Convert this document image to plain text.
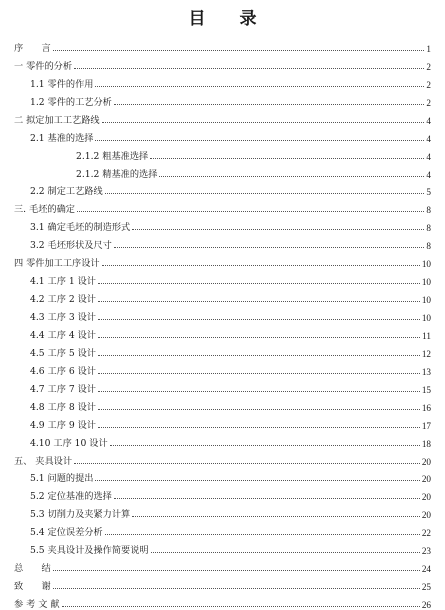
目 录
序　　言	1
一 零件的分析	2
1.1 零件的作用	2
1.2 零件的工艺分析	2
二 拟定加工工艺路线	4
2.1 基准的选择	4
2.1.2 粗基准选择	4
2.1.2 精基准的选择	4
2.2 制定工艺路线	5
三. 毛坯的确定	8
3.1 确定毛坯的制造形式	8
3.2 毛坯形状及尺寸	8
四 零件加工工序设计	10
4.1 工序 1 设计	10
4.2 工序 2 设计	10
4.3 工序 3 设计	10
4.4 工序 4 设计	11
4.5 工序 5 设计	12
4.6 工序 6 设计	13
4.7 工序 7 设计	15
4.8 工序 8 设计	16
4.9 工序 9 设计	17
4.10 工序 10 设计	18
五、 夹具设计	20
5.1 问题的提出	20
5.2 定位基准的选择	20
5.3 切削力及夹紧力计算	20
5.4 定位误差分析	22
5.5 夹具设计及操作简要说明	23
总　　结	24
致　　谢	25
参 考 文 献	26
